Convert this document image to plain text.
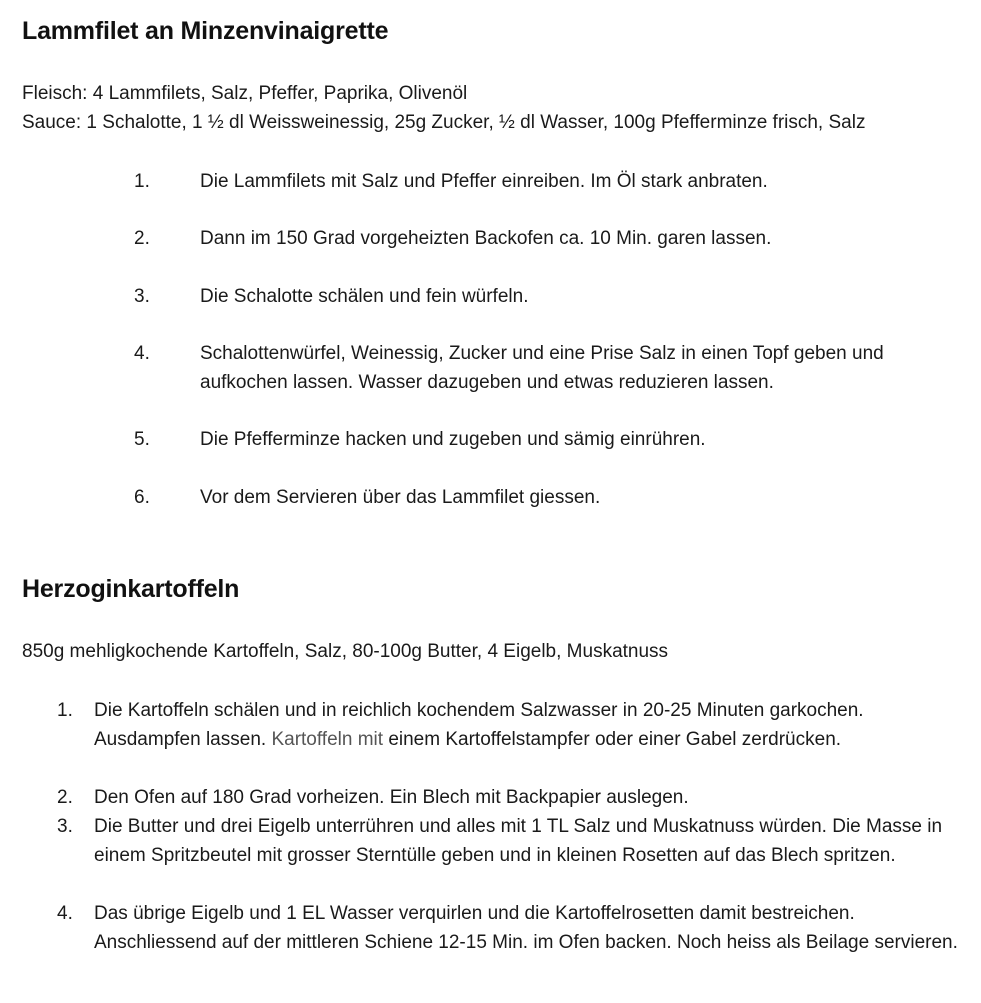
Lammfilet an Minzenvinaigrette

Fleisch: 4 Lammfilets, Salz, Pfeffer, Paprika, Olivenöl

Sauce: 1 Schalotte, 1 ½ dl Weissweinessig, 25g Zucker, ½ dl Wasser, 100g Pfefferminze frisch, Salz

1.	Die Lammfilets mit Salz und Pfeffer einreiben. Im Öl stark anbraten.
2.	Dann im 150 Grad vorgeheizten Backofen ca. 10 Min. garen lassen.
3.	Die Schalotte schälen und fein würfeln.
4.	Schalottenwürfel, Weinessig, Zucker und eine Prise Salz in einen Topf geben und aufkochen lassen. Wasser dazugeben und etwas reduzieren lassen.
5.	Die Pfefferminze hacken und zugeben und sämig einrühren.
6.	Vor dem Servieren über das Lammfilet giessen.
Herzoginkartoffeln

850g mehligkochende Kartoffeln, Salz, 80-100g Butter, 4 Eigelb, Muskatnuss

1. Die Kartoffeln schälen und in reichlich kochendem Salzwasser in 20-25 Minuten garkochen. Ausdampfen lassen. Kartoffeln mit einem Kartoffelstampfer oder einer Gabel zerdrücken.
2. Den Ofen auf 180 Grad vorheizen. Ein Blech mit Backpapier auslegen.
3. Die Butter und drei Eigelb unterrühren und alles mit 1 TL Salz und Muskatnuss würden. Die Masse in einem Spritzbeutel mit grosser Sterntülle geben und in kleinen Rosetten auf das Blech spritzen.
4. Das übrige Eigelb und 1 EL Wasser verquirlen und die Kartoffelrosetten damit bestreichen. Anschliessend auf der mittleren Schiene 12-15 Min. im Ofen backen. Noch heiss als Beilage servieren.
